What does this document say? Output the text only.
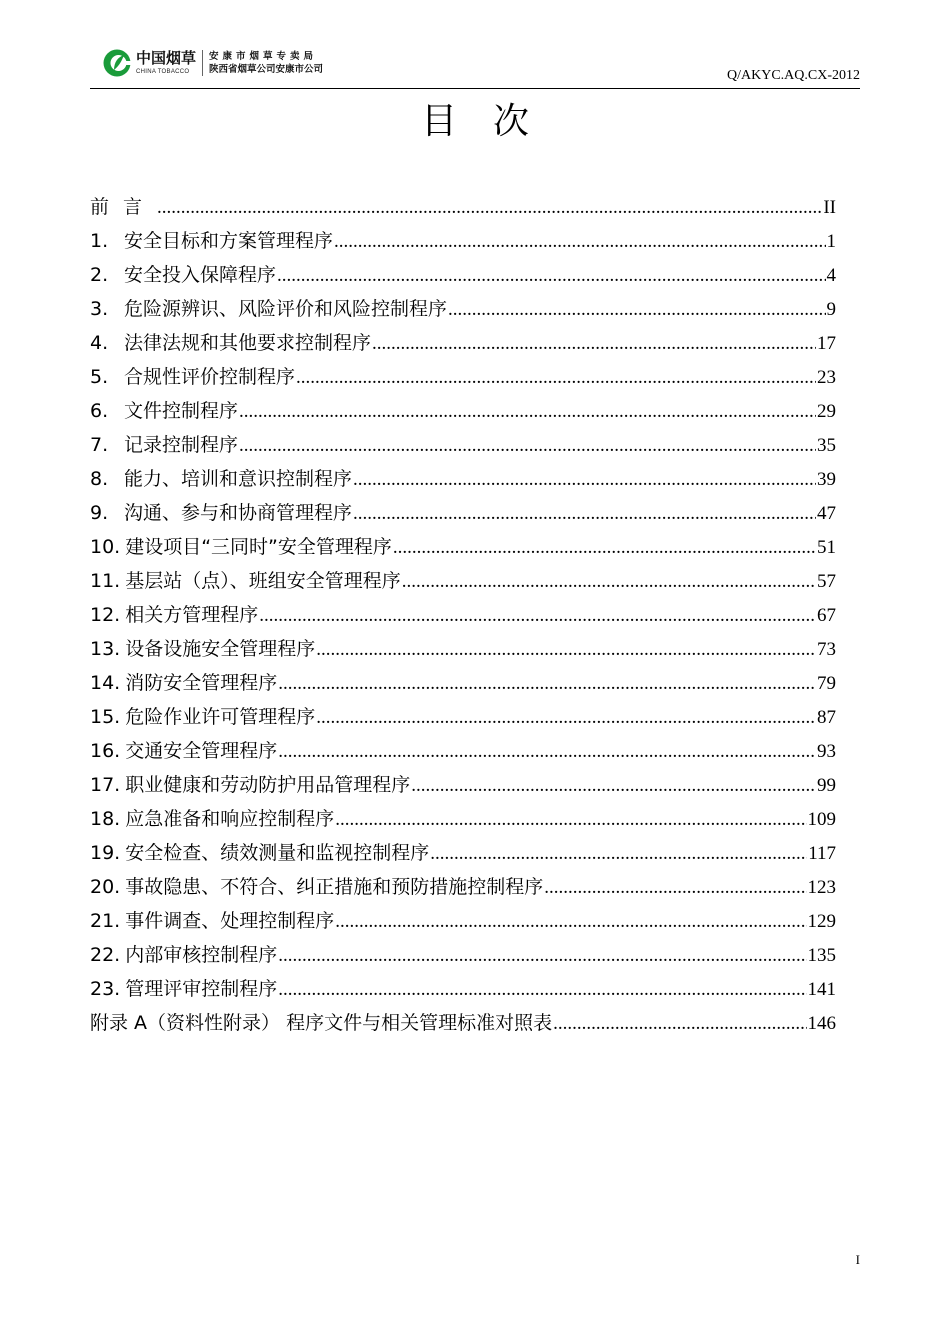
中国烟草
CHINA TOBACCO
安康市烟草专卖局
陕西省烟草公司安康市公司	Q/AKYC.AQ.CX-2012
目次
前言 .....	II
1. 安全目标和方案管理程序 .....	1
2. 安全投入保障程序 .....	4
3. 危险源辨识、风险评价和风险控制程序 .....	9
4. 法律法规和其他要求控制程序 .....	17
5. 合规性评价控制程序 .....	23
6. 文件控制程序 .....	29
7. 记录控制程序 .....	35
8. 能力、培训和意识控制程序 .....	39
9. 沟通、参与和协商管理程序 .....	47
10. 建设项目“三同时”安全管理程序 .....	51
11. 基层站（点）、班组安全管理程序 .....	57
12. 相关方管理程序 .....	67
13. 设备设施安全管理程序 .....	73
14. 消防安全管理程序 .....	79
15. 危险作业许可管理程序 .....	87
16. 交通安全管理程序 .....	93
17. 职业健康和劳动防护用品管理程序 .....	99
18. 应急准备和响应控制程序 .....	109
19. 安全检查、绩效测量和监视控制程序 .....	117
20. 事故隐患、不符合、纠正措施和预防措施控制程序 .....	123
21. 事件调查、处理控制程序 .....	129
22. 内部审核控制程序 .....	135
23. 管理评审控制程序 .....	141
附录 A（资料性附录） 程序文件与相关管理标准对照表 .....	146
I
